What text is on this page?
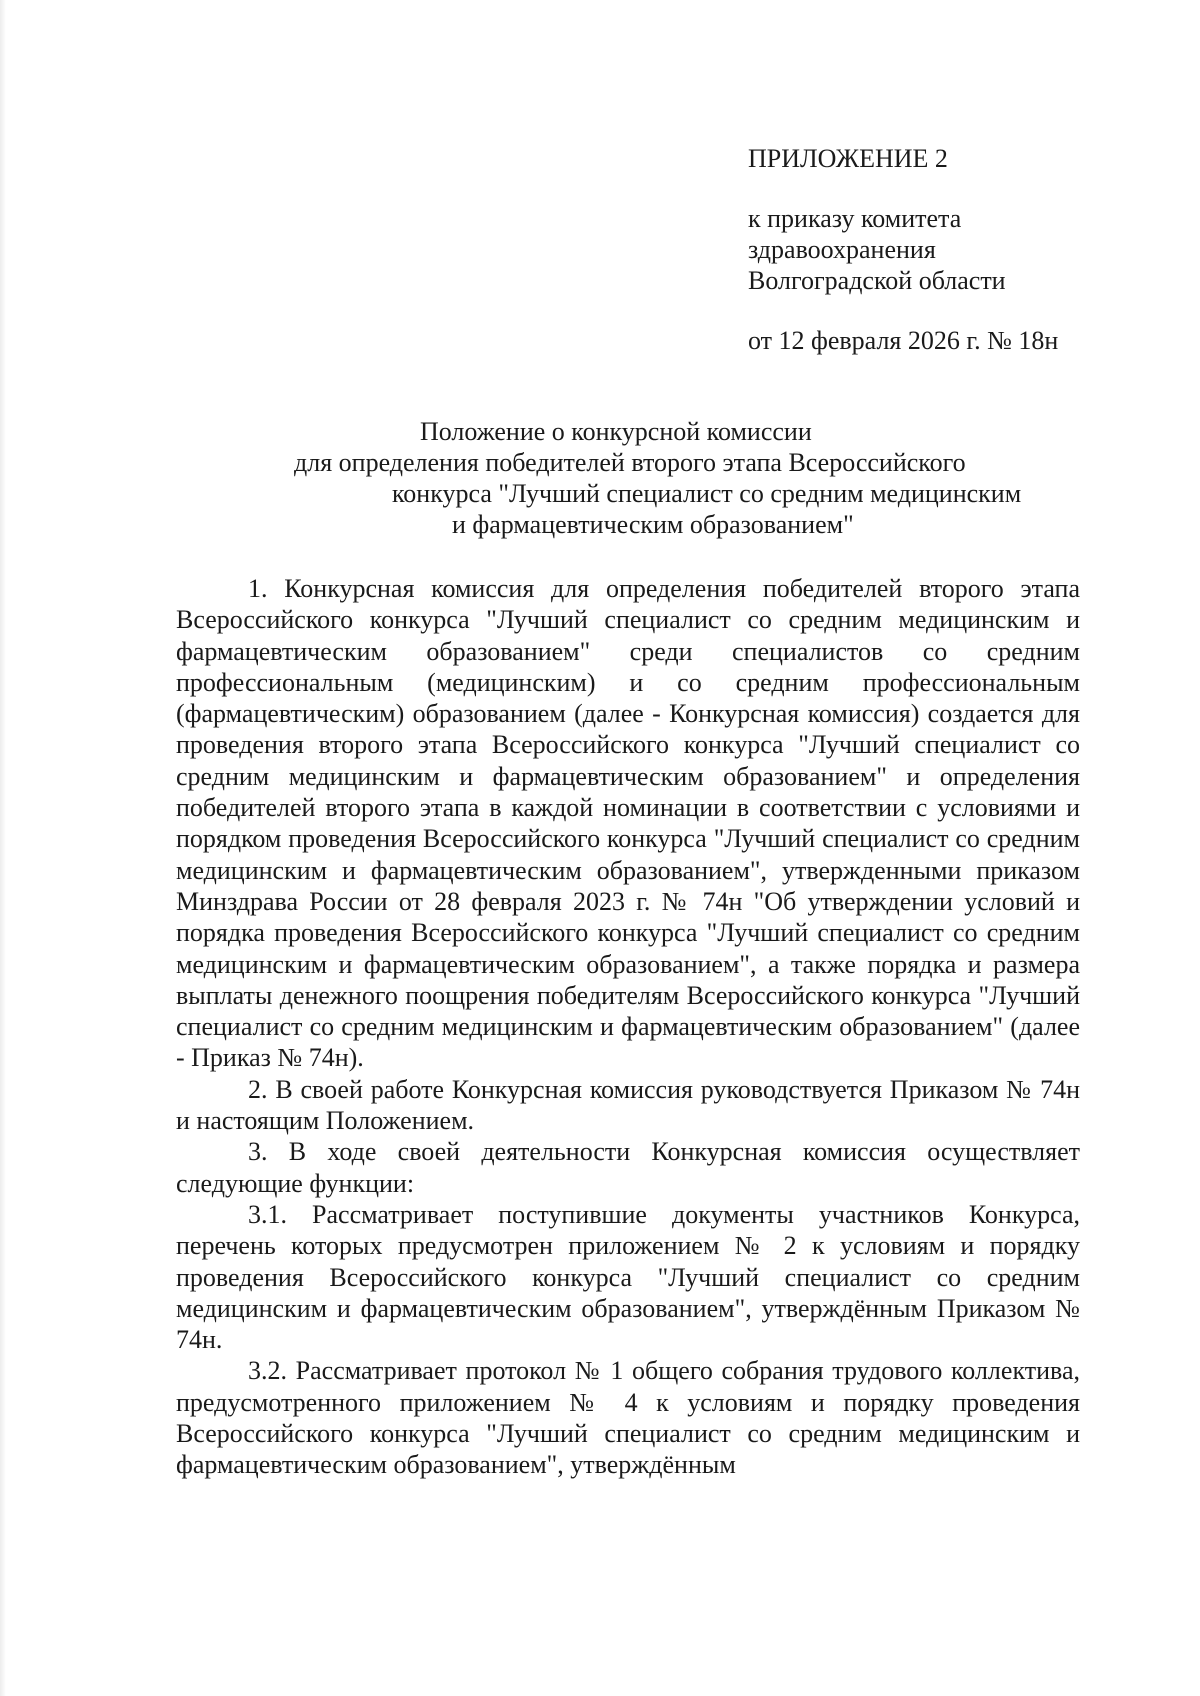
ПРИЛОЖЕНИЕ 2
к приказу комитета
здравоохранения
Волгоградской области
от 12 февраля 2026 г. № 18н
Положение о конкурсной комиссии
для определения победителей второго этапа Всероссийского
конкурса "Лучший специалист со средним медицинским
и фармацевтическим образованием"

1. Конкурсная комиссия для определения победителей второго этапа Всероссийского конкурса "Лучший специалист со средним медицинским и фармацевтическим образованием" среди специалистов со средним профессиональным (медицинским) и со средним профессиональным (фармацевтическим) образованием (далее - Конкурсная комиссия) создается для проведения второго этапа Всероссийского конкурса "Лучший специалист со средним медицинским и фармацевтическим образованием" и определения победителей второго этапа в каждой номинации в соответствии с условиями и порядком проведения Всероссийского конкурса "Лучший специалист со средним медицинским и фармацевтическим образованием", утвержденными приказом Минздрава России от 28 февраля 2023 г. № 74н "Об утверждении условий и порядка проведения Всероссийского конкурса "Лучший специалист со средним медицинским и фармацевтическим образованием", а также порядка и размера выплаты денежного поощрения победителям Всероссийского конкурса "Лучший специалист со средним медицинским и фармацевтическим образованием" (далее - Приказ № 74н).

2. В своей работе Конкурсная комиссия руководствуется Приказом № 74н и настоящим Положением.

3. В ходе своей деятельности Конкурсная комиссия осуществляет следующие функции:

3.1. Рассматривает поступившие документы участников Конкурса, перечень которых предусмотрен приложением № 2 к условиям и порядку проведения Всероссийского конкурса "Лучший специалист со средним медицинским и фармацевтическим образованием", утверждённым Приказом № 74н.

3.2. Рассматривает протокол № 1 общего собрания трудового коллектива, предусмотренного приложением № 4 к условиям и порядку проведения Всероссийского конкурса "Лучший специалист со средним медицинским и фармацевтическим образованием", утверждённым
